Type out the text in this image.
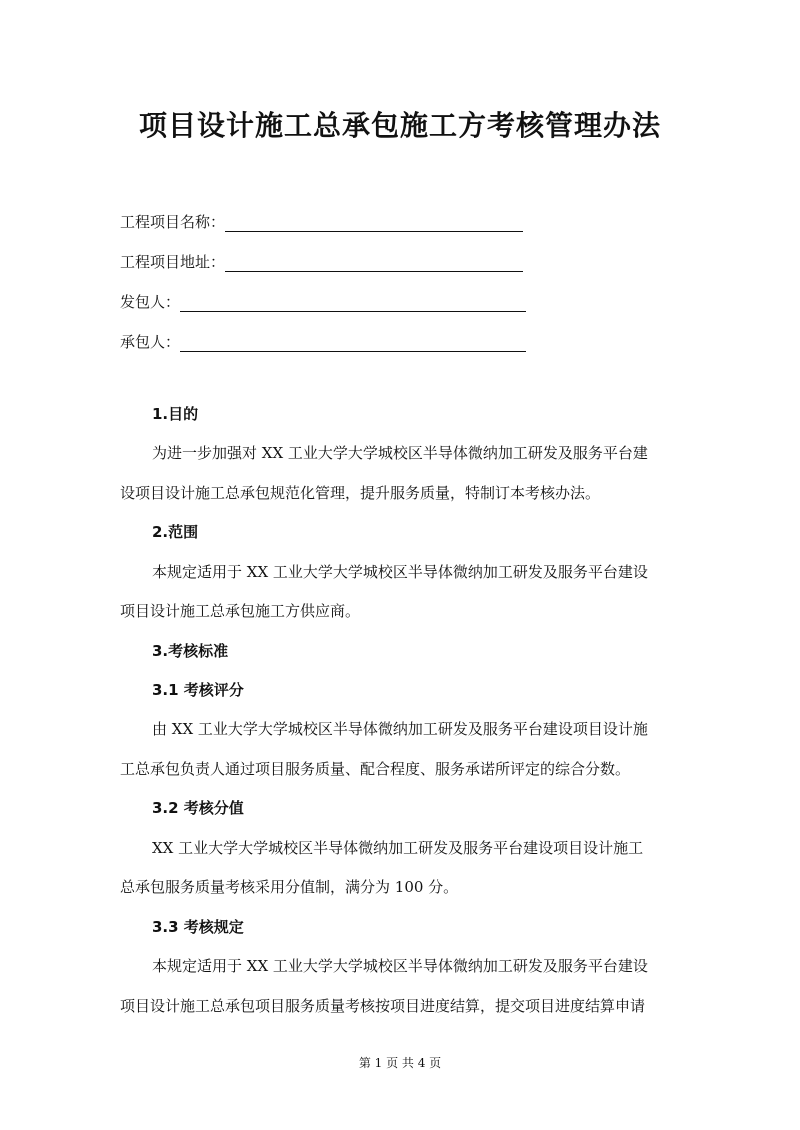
项目设计施工总承包施工方考核管理办法
工程项目名称：
工程项目地址：
发包人：
承包人：
1.目的
为进一步加强对 XX 工业大学大学城校区半导体微纳加工研发及服务平台建
设项目设计施工总承包规范化管理，提升服务质量，特制订本考核办法。
2.范围
本规定适用于 XX 工业大学大学城校区半导体微纳加工研发及服务平台建设
项目设计施工总承包施工方供应商。
3.考核标准
3.1 考核评分
由 XX 工业大学大学城校区半导体微纳加工研发及服务平台建设项目设计施
工总承包负责人通过项目服务质量、配合程度、服务承诺所评定的综合分数。
3.2 考核分值
XX 工业大学大学城校区半导体微纳加工研发及服务平台建设项目设计施工
总承包服务质量考核采用分值制，满分为 100 分。
3.3 考核规定
本规定适用于 XX 工业大学大学城校区半导体微纳加工研发及服务平台建设
项目设计施工总承包项目服务质量考核按项目进度结算，提交项目进度结算申请
第 1 页 共 4 页
